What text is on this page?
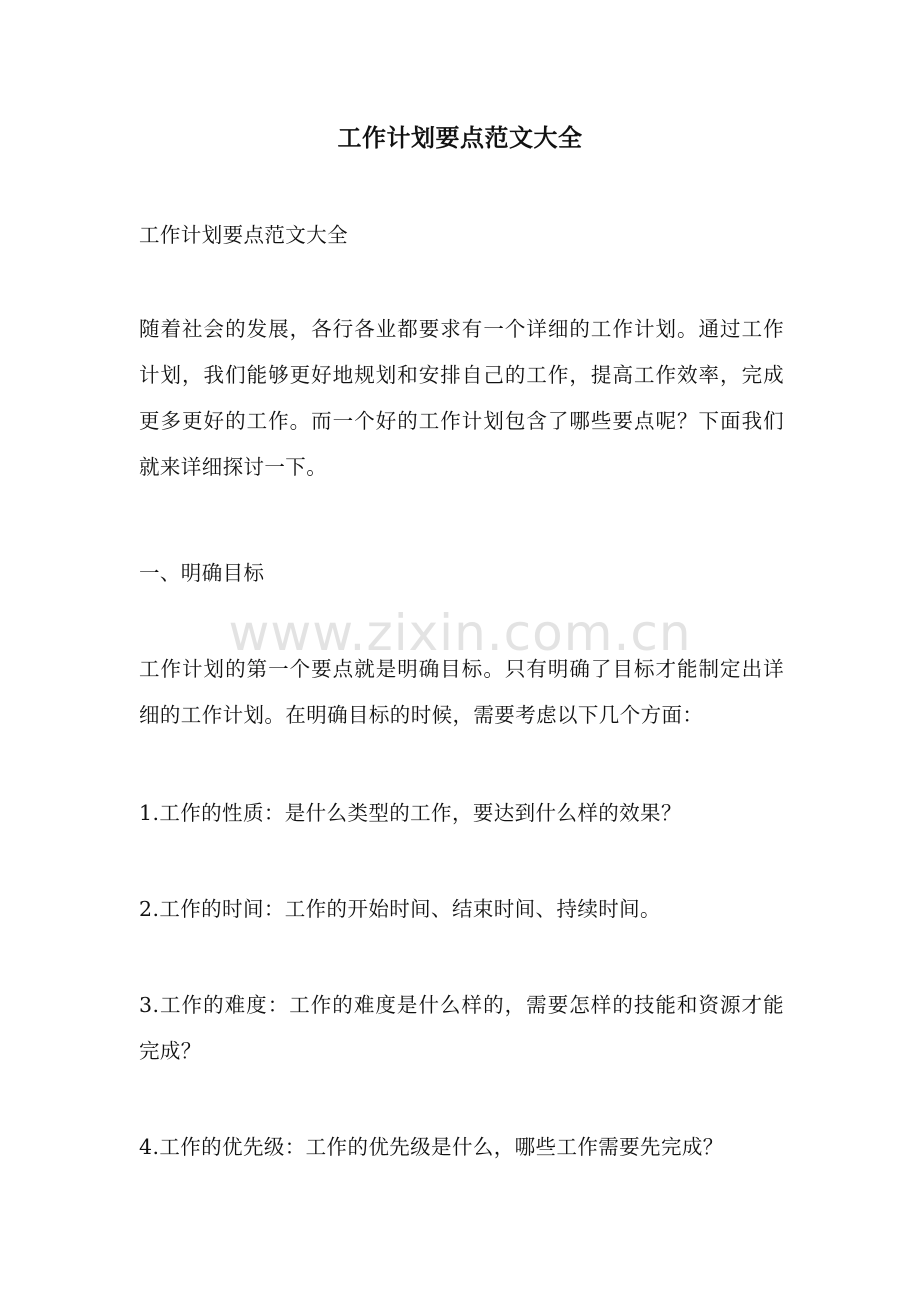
工作计划要点范文大全

工作计划要点范文大全

随着社会的发展，各行各业都要求有一个详细的工作计划。通过工作计划，我们能够更好地规划和安排自己的工作，提高工作效率，完成更多更好的工作。而一个好的工作计划包含了哪些要点呢？下面我们就来详细探讨一下。

一、明确目标

www.zixin.com.cn

工作计划的第一个要点就是明确目标。只有明确了目标才能制定出详细的工作计划。在明确目标的时候，需要考虑以下几个方面：

1.工作的性质：是什么类型的工作，要达到什么样的效果？

2.工作的时间：工作的开始时间、结束时间、持续时间。

3.工作的难度：工作的难度是什么样的，需要怎样的技能和资源才能完成？

4.工作的优先级：工作的优先级是什么，哪些工作需要先完成？
